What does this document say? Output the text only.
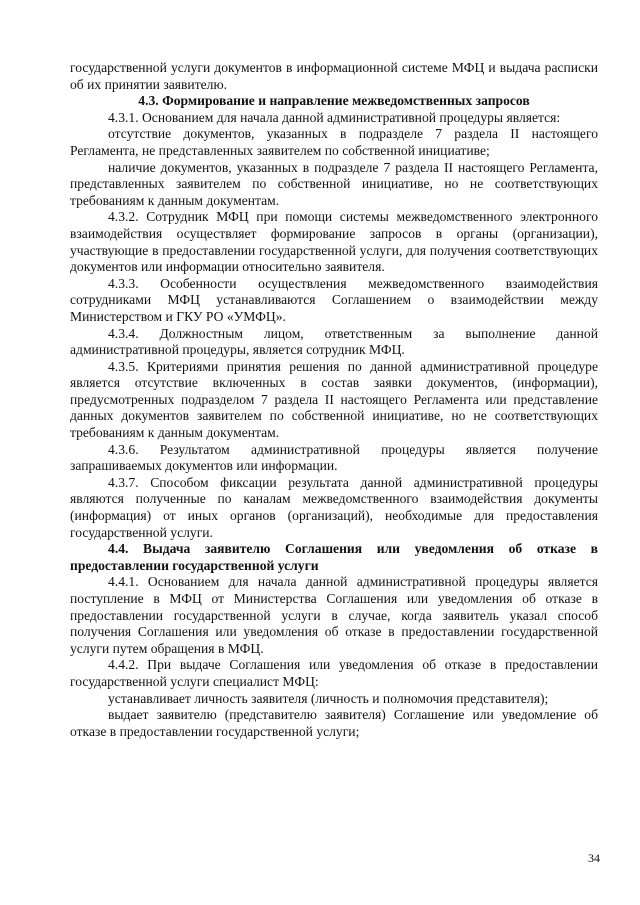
государственной услуги документов в информационной системе МФЦ и выдача расписки об их принятии заявителю.

4.3. Формирование и направление межведомственных запросов

4.3.1. Основанием для начала данной административной процедуры является:

отсутствие документов, указанных в подразделе 7 раздела II настоящего Регламента, не представленных заявителем по собственной инициативе;

наличие документов, указанных в подразделе 7 раздела II настоящего Регламента, представленных заявителем по собственной инициативе, но не соответствующих требованиям к данным документам.

4.3.2. Сотрудник МФЦ при помощи системы межведомственного электронного взаимодействия осуществляет формирование запросов в органы (организации), участвующие в предоставлении государственной услуги, для получения соответствующих документов или информации относительно заявителя.

4.3.3. Особенности осуществления межведомственного взаимодействия сотрудниками МФЦ устанавливаются Соглашением о взаимодействии между Министерством и ГКУ РО «УМФЦ».

4.3.4. Должностным лицом, ответственным за выполнение данной административной процедуры, является сотрудник МФЦ.

4.3.5. Критериями принятия решения по данной административной процедуре является отсутствие включенных в состав заявки документов, (информации), предусмотренных подразделом 7 раздела II настоящего Регламента или представление данных документов заявителем по собственной инициативе, но не соответствующих требованиям к данным документам.

4.3.6. Результатом административной процедуры является получение запрашиваемых документов или информации.

4.3.7. Способом фиксации результата данной административной процедуры являются полученные по каналам межведомственного взаимодействия документы (информация) от иных органов (организаций), необходимые для предоставления государственной услуги.

4.4. Выдача заявителю Соглашения или уведомления об отказе в предоставлении государственной услуги

4.4.1. Основанием для начала данной административной процедуры является поступление в МФЦ от Министерства Соглашения или уведомления об отказе в предоставлении государственной услуги в случае, когда заявитель указал способ получения Соглашения или уведомления об отказе в предоставлении государственной услуги путем обращения в МФЦ.

4.4.2. При выдаче Соглашения или уведомления об отказе в предоставлении государственной услуги специалист МФЦ:

устанавливает личность заявителя (личность и полномочия представителя);

выдает заявителю (представителю заявителя) Соглашение или уведомление об отказе в предоставлении государственной услуги;

34
